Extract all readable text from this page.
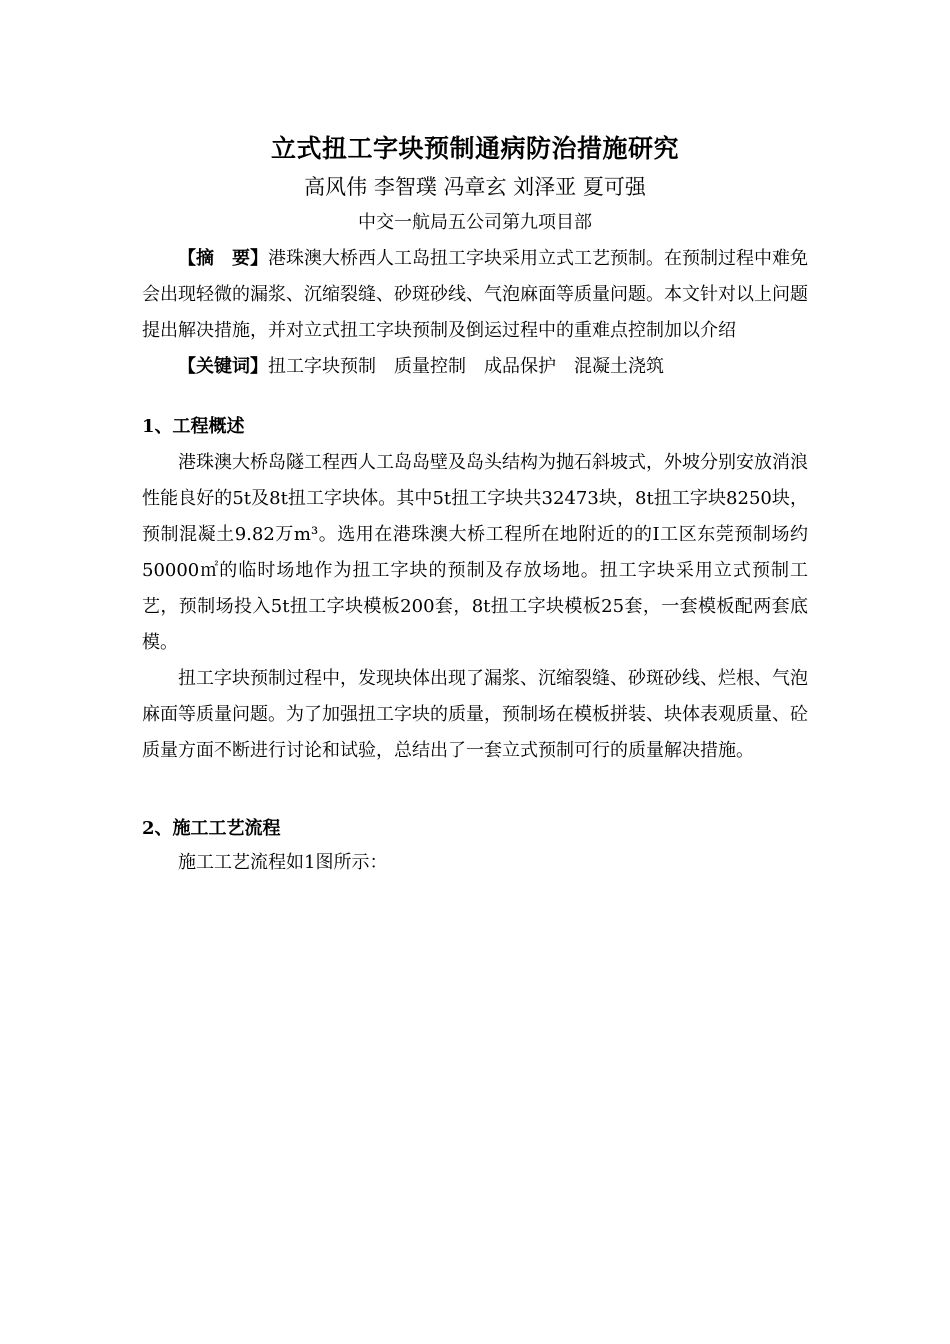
立式扭工字块预制通病防治措施研究
高风伟 李智璞 冯章玄 刘泽亚 夏可强
中交一航局五公司第九项目部
【摘　要】港珠澳大桥西人工岛扭工字块采用立式工艺预制。在预制过程中难免会出现轻微的漏浆、沉缩裂缝、砂斑砂线、气泡麻面等质量问题。本文针对以上问题提出解决措施，并对立式扭工字块预制及倒运过程中的重难点控制加以介绍
【关键词】扭工字块预制 质量控制 成品保护 混凝土浇筑
1、工程概述
港珠澳大桥岛隧工程西人工岛岛壁及岛头结构为抛石斜坡式，外坡分别安放消浪性能良好的5t及8t扭工字块体。其中5t扭工字块共32473块，8t扭工字块8250块，预制混凝土9.82万m³。选用在港珠澳大桥工程所在地附近的的Ⅰ工区东莞预制场约50000㎡的临时场地作为扭工字块的预制及存放场地。扭工字块采用立式预制工艺，预制场投入5t扭工字块模板200套，8t扭工字块模板25套，一套模板配两套底模。
扭工字块预制过程中，发现块体出现了漏浆、沉缩裂缝、砂斑砂线、烂根、气泡麻面等质量问题。为了加强扭工字块的质量，预制场在模板拼装、块体表观质量、砼质量方面不断进行讨论和试验，总结出了一套立式预制可行的质量解决措施。
2、施工工艺流程
施工工艺流程如1图所示：
